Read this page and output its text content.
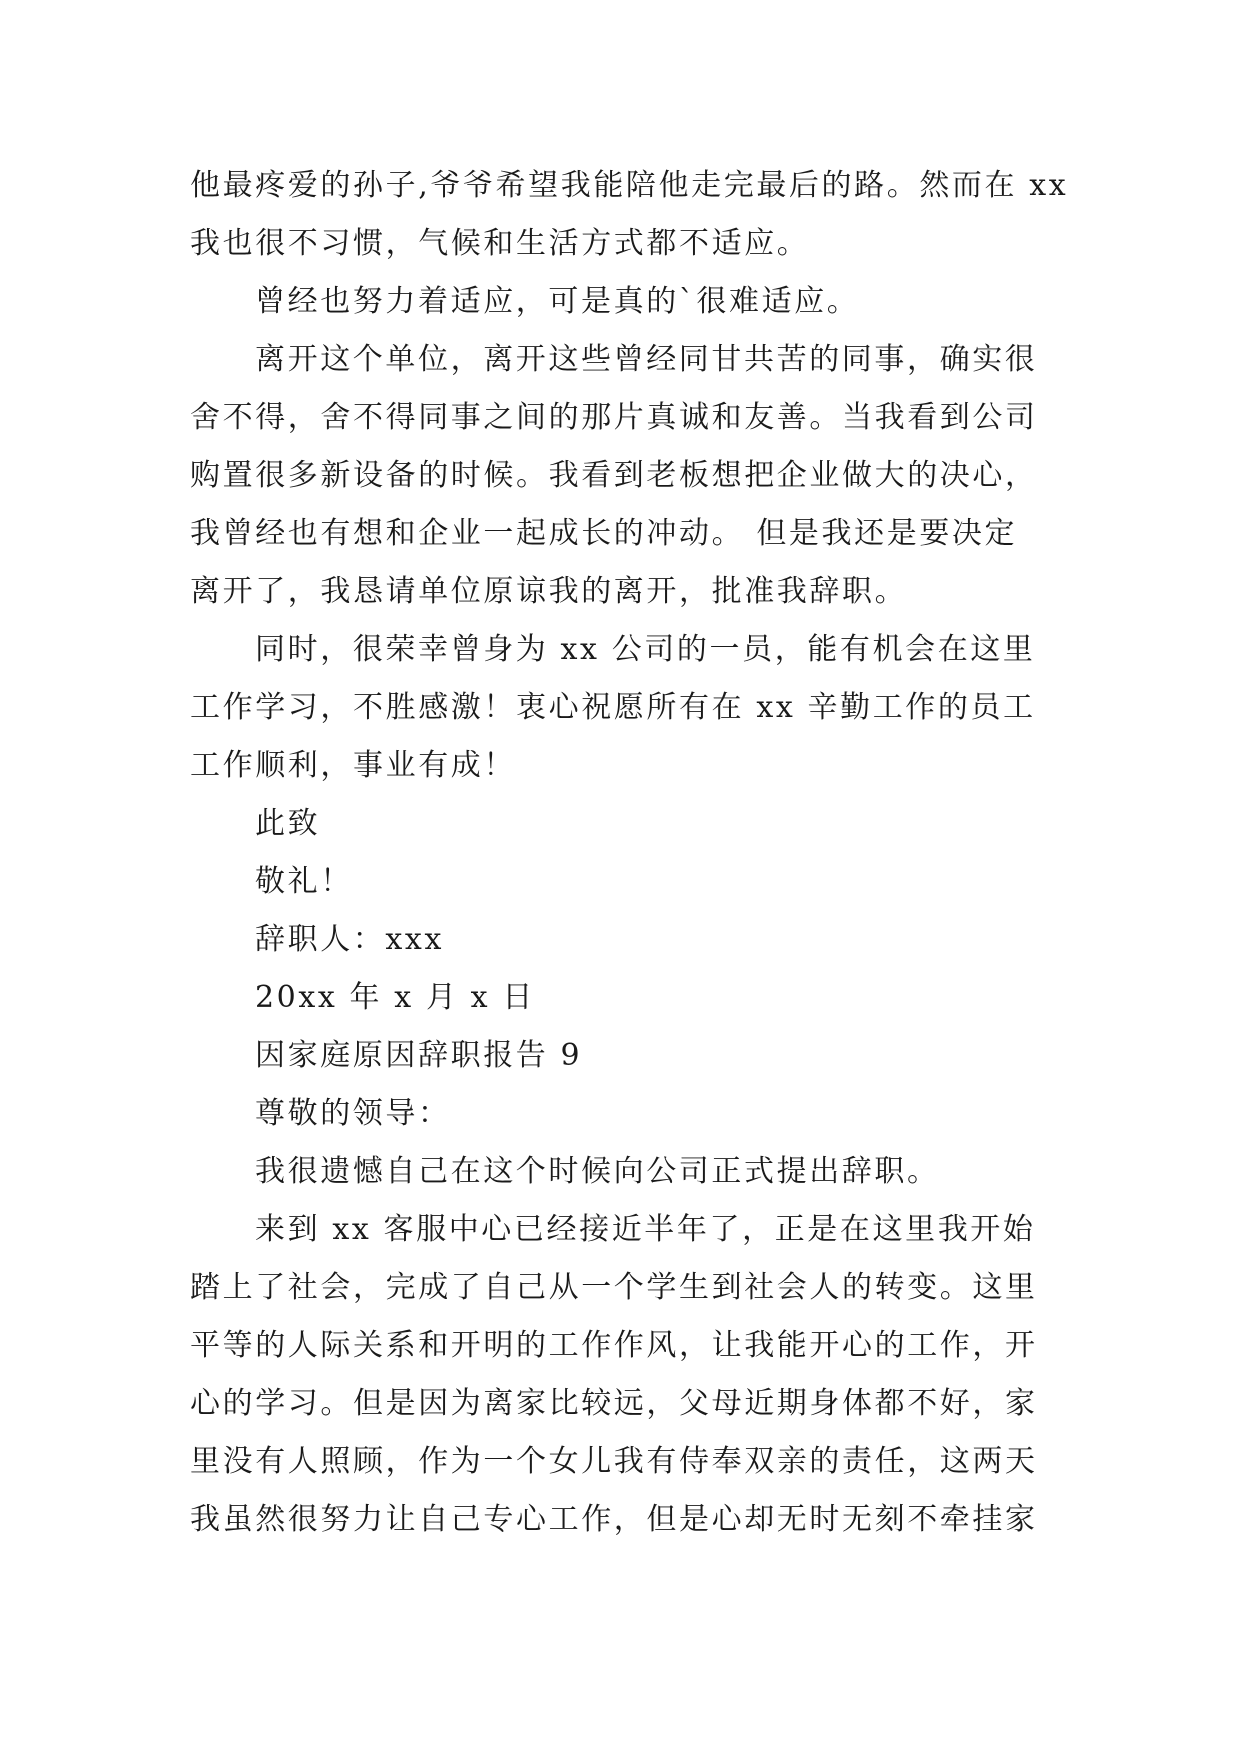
他最疼爱的孙子,爷爷希望我能陪他走完最后的路。然而在 xx
我也很不习惯，气候和生活方式都不适应。
曾经也努力着适应，可是真的`很难适应。
离开这个单位，离开这些曾经同甘共苦的同事，确实很
舍不得，舍不得同事之间的那片真诚和友善。当我看到公司
购置很多新设备的时候。我看到老板想把企业做大的决心，
我曾经也有想和企业一起成长的冲动。 但是我还是要决定
离开了，我恳请单位原谅我的离开，批准我辞职。
同时，很荣幸曾身为 xx 公司的一员，能有机会在这里
工作学习，不胜感激！衷心祝愿所有在 xx 辛勤工作的员工
工作顺利，事业有成！
此致
敬礼！
辞职人：xxx
20xx 年 x 月 x 日
因家庭原因辞职报告 9
尊敬的领导：
我很遗憾自己在这个时候向公司正式提出辞职。
来到 xx 客服中心已经接近半年了，正是在这里我开始
踏上了社会，完成了自己从一个学生到社会人的转变。这里
平等的人际关系和开明的工作作风，让我能开心的工作，开
心的学习。但是因为离家比较远，父母近期身体都不好，家
里没有人照顾，作为一个女儿我有侍奉双亲的责任，这两天
我虽然很努力让自己专心工作，但是心却无时无刻不牵挂家
